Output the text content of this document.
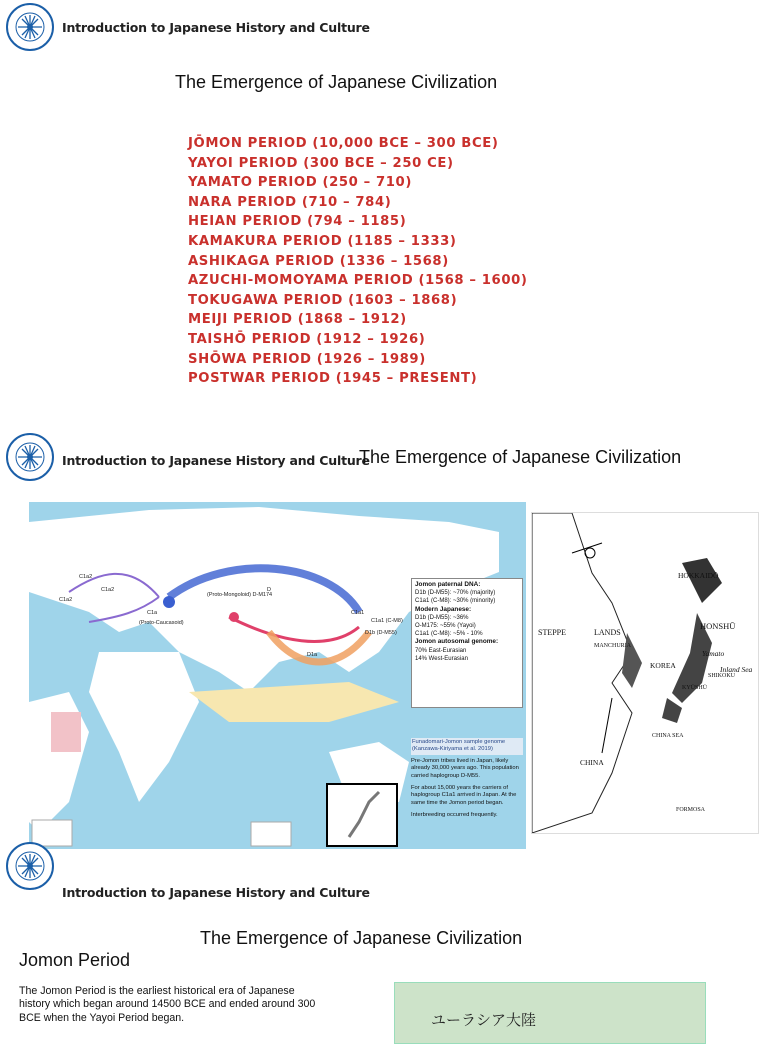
Introduction to Japanese History and Culture
The Emergence of Japanese Civilization
JŌMON PERIOD (10,000 BCE – 300 BCE)
YAYOI PERIOD (300 BCE – 250 CE)
YAMATO PERIOD (250 – 710)
NARA PERIOD (710 – 784)
HEIAN PERIOD (794 – 1185)
KAMAKURA PERIOD (1185 – 1333)
ASHIKAGA PERIOD (1336 – 1568)
AZUCHI-MOMOYAMA PERIOD (1568 – 1600)
TOKUGAWA PERIOD (1603 – 1868)
MEIJI PERIOD (1868 – 1912)
TAISHŌ PERIOD (1912 – 1926)
SHŌWA PERIOD (1926 – 1989)
POSTWAR PERIOD (1945 – PRESENT)
Introduction to Japanese History and Culture
The Emergence of Japanese Civilization
Jomon paternal DNA:
D1b (D-M55): ~70% (majority)
C1a1 (C-M8): ~30% (minority)
Modern Japanese:
D1b (D-M55): ~36%
O-M175: ~55% (Yayoi)
C1a1 (C-M8): ~5% - 10%
Jomon autosomal genome:
70% East-Eurasian
14% West-Eurasian
Funadomari-Jomon sample genome (Kanzawa-Kiriyama et al. 2019)

Pre-Jomon tribes lived in Japan, likely already 30,000 years ago. This population carried haplogroup D-M55.

For about 15,000 years the carriers of haplogroup C1a1 arrived in Japan. At the same time the Jomon period began.

Interbreeding occurred frequently.

C1a2
C1a2
C1a2
C1a
(Proto-Caucasoid)
(Proto-Mongoloid) D-M174
D
C1a1
D1a
D1b (D-M55)
C1a1 (C-M8)
HOKKAIDŌ
HONSHŪ
STEPPE	LANDS
MANCHURIA
KOREA
Yamato
Inland Sea
KYŪSHŪ
SHIKOKU
CHINA SEA
CHINA
FORMOSA
Introduction to Japanese History and Culture
The Emergence of Japanese Civilization
Jomon Period
The Jomon Period is the earliest historical era of Japanese history which began around 14500 BCE and ended around 300 BCE when the Yayoi Period began.	ユーラシア大陸
